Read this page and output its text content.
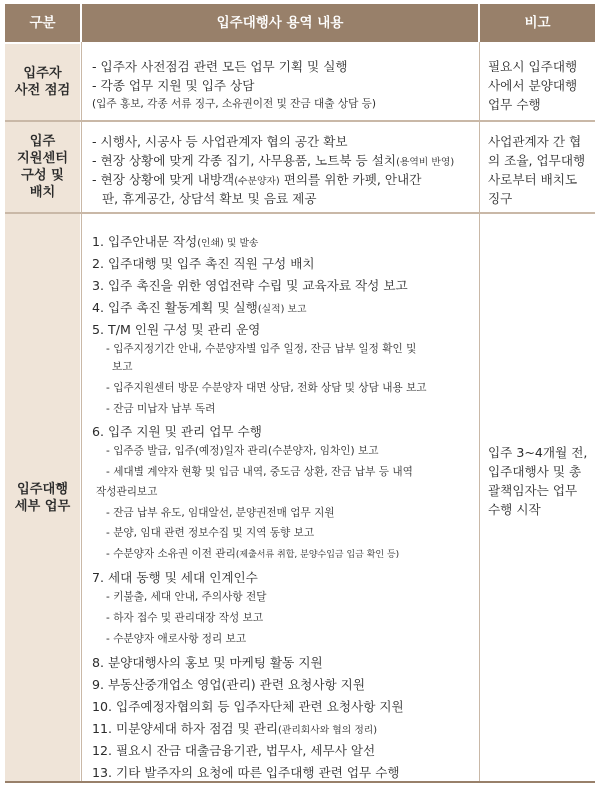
구분	입주대행사 용역 내용	비고
입주자
사전 점검
- 입주자 사전점검 관련 모든 업무 기획 및 실행
- 각종 업무 지원 및 입주 상담
(입주 홍보, 각종 서류 징구, 소유권이전 및 잔금 대출 상담 등)
필요시 입주대행
사에서 분양대행
업무 수행
입주
지원센터
구성 및
배치
- 시행사, 시공사 등 사업관계자 협의 공간 확보
- 현장 상황에 맞게 각종 집기, 사무용품, 노트북 등 설치(용역비 반영)
- 현장 상황에 맞게 내방객(수분양자) 편의를 위한 카펫, 안내간
판, 휴게공간, 상담석 확보 및 음료 제공
사업관계자 간 협
의 조율, 업무대행
사로부터 배치도
징구
입주대행
세부 업무
1. 입주안내문 작성(인쇄) 및 발송
2. 입주대행 및 입주 촉진 직원 구성 배치
3. 입주 촉진을 위한 영업전략 수립 및 교육자료 작성 보고
4. 입주 촉진 활동계획 및 실행(실적) 보고
5. T/M 인원 구성 및 관리 운영
- 입주지정기간 안내, 수분양자별 입주 일정, 잔금 납부 일정 확인 및
보고
- 입주지원센터 방문 수분양자 대면 상담, 전화 상담 및 상담 내용 보고
- 잔금 미납자 납부 독려
6. 입주 지원 및 관리 업무 수행
- 입주증 발급, 입주(예정)일자 관리(수분양자, 임차인) 보고
- 세대별 계약자 현황 및 입금 내역, 중도금 상환, 잔금 납부 등 내역
작성관리보고
- 잔금 납부 유도, 임대알선, 분양권전매 업무 지원
- 분양, 임대 관련 정보수집 및 지역 동향 보고
- 수분양자 소유권 이전 관리(제출서류 취합, 분양수입금 입금 확인 등)
7. 세대 동행 및 세대 인계인수
- 키불출, 세대 안내, 주의사항 전달
- 하자 접수 및 관리대장 작성 보고
- 수분양자 애로사항 정리 보고
8. 분양대행사의 홍보 및 마케팅 활동 지원
9. 부동산중개업소 영업(관리) 관련 요청사항 지원
10. 입주예정자협의회 등 입주자단체 관련 요청사항 지원
11. 미분양세대 하자 점검 및 관리(관리회사와 협의 정리)
12. 필요시 잔금 대출금융기관, 법무사, 세무사 알선
13. 기타 발주자의 요청에 따른 입주대행 관련 업무 수행
입주 3~4개월 전,
입주대행사 및 총
괄책임자는 업무
수행 시작
